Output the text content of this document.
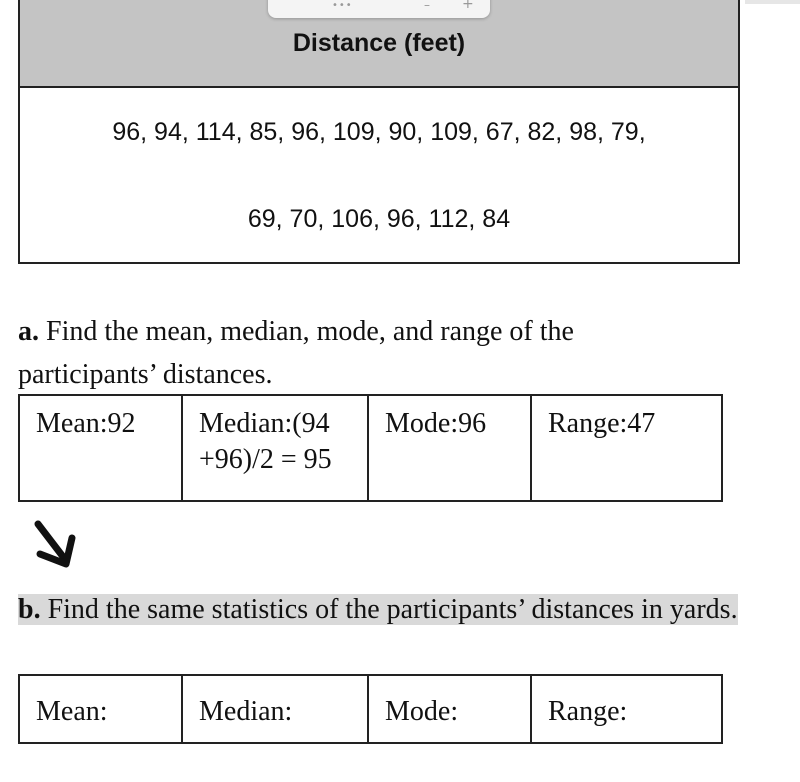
•••	– +
Distance (feet)
96, 94, 114, 85, 96, 109, 90, 109, 67, 82, 98, 79,
69, 70, 106, 96, 112, 84
a. Find the mean, median, mode, and range of the participants’ distances.
Mean:92	Median:(94 +96)/2 = 95	Mode:96	Range:47
b. Find the same statistics of the participants’ distances in yards.
Mean:	Median:	Mode:	Range:
